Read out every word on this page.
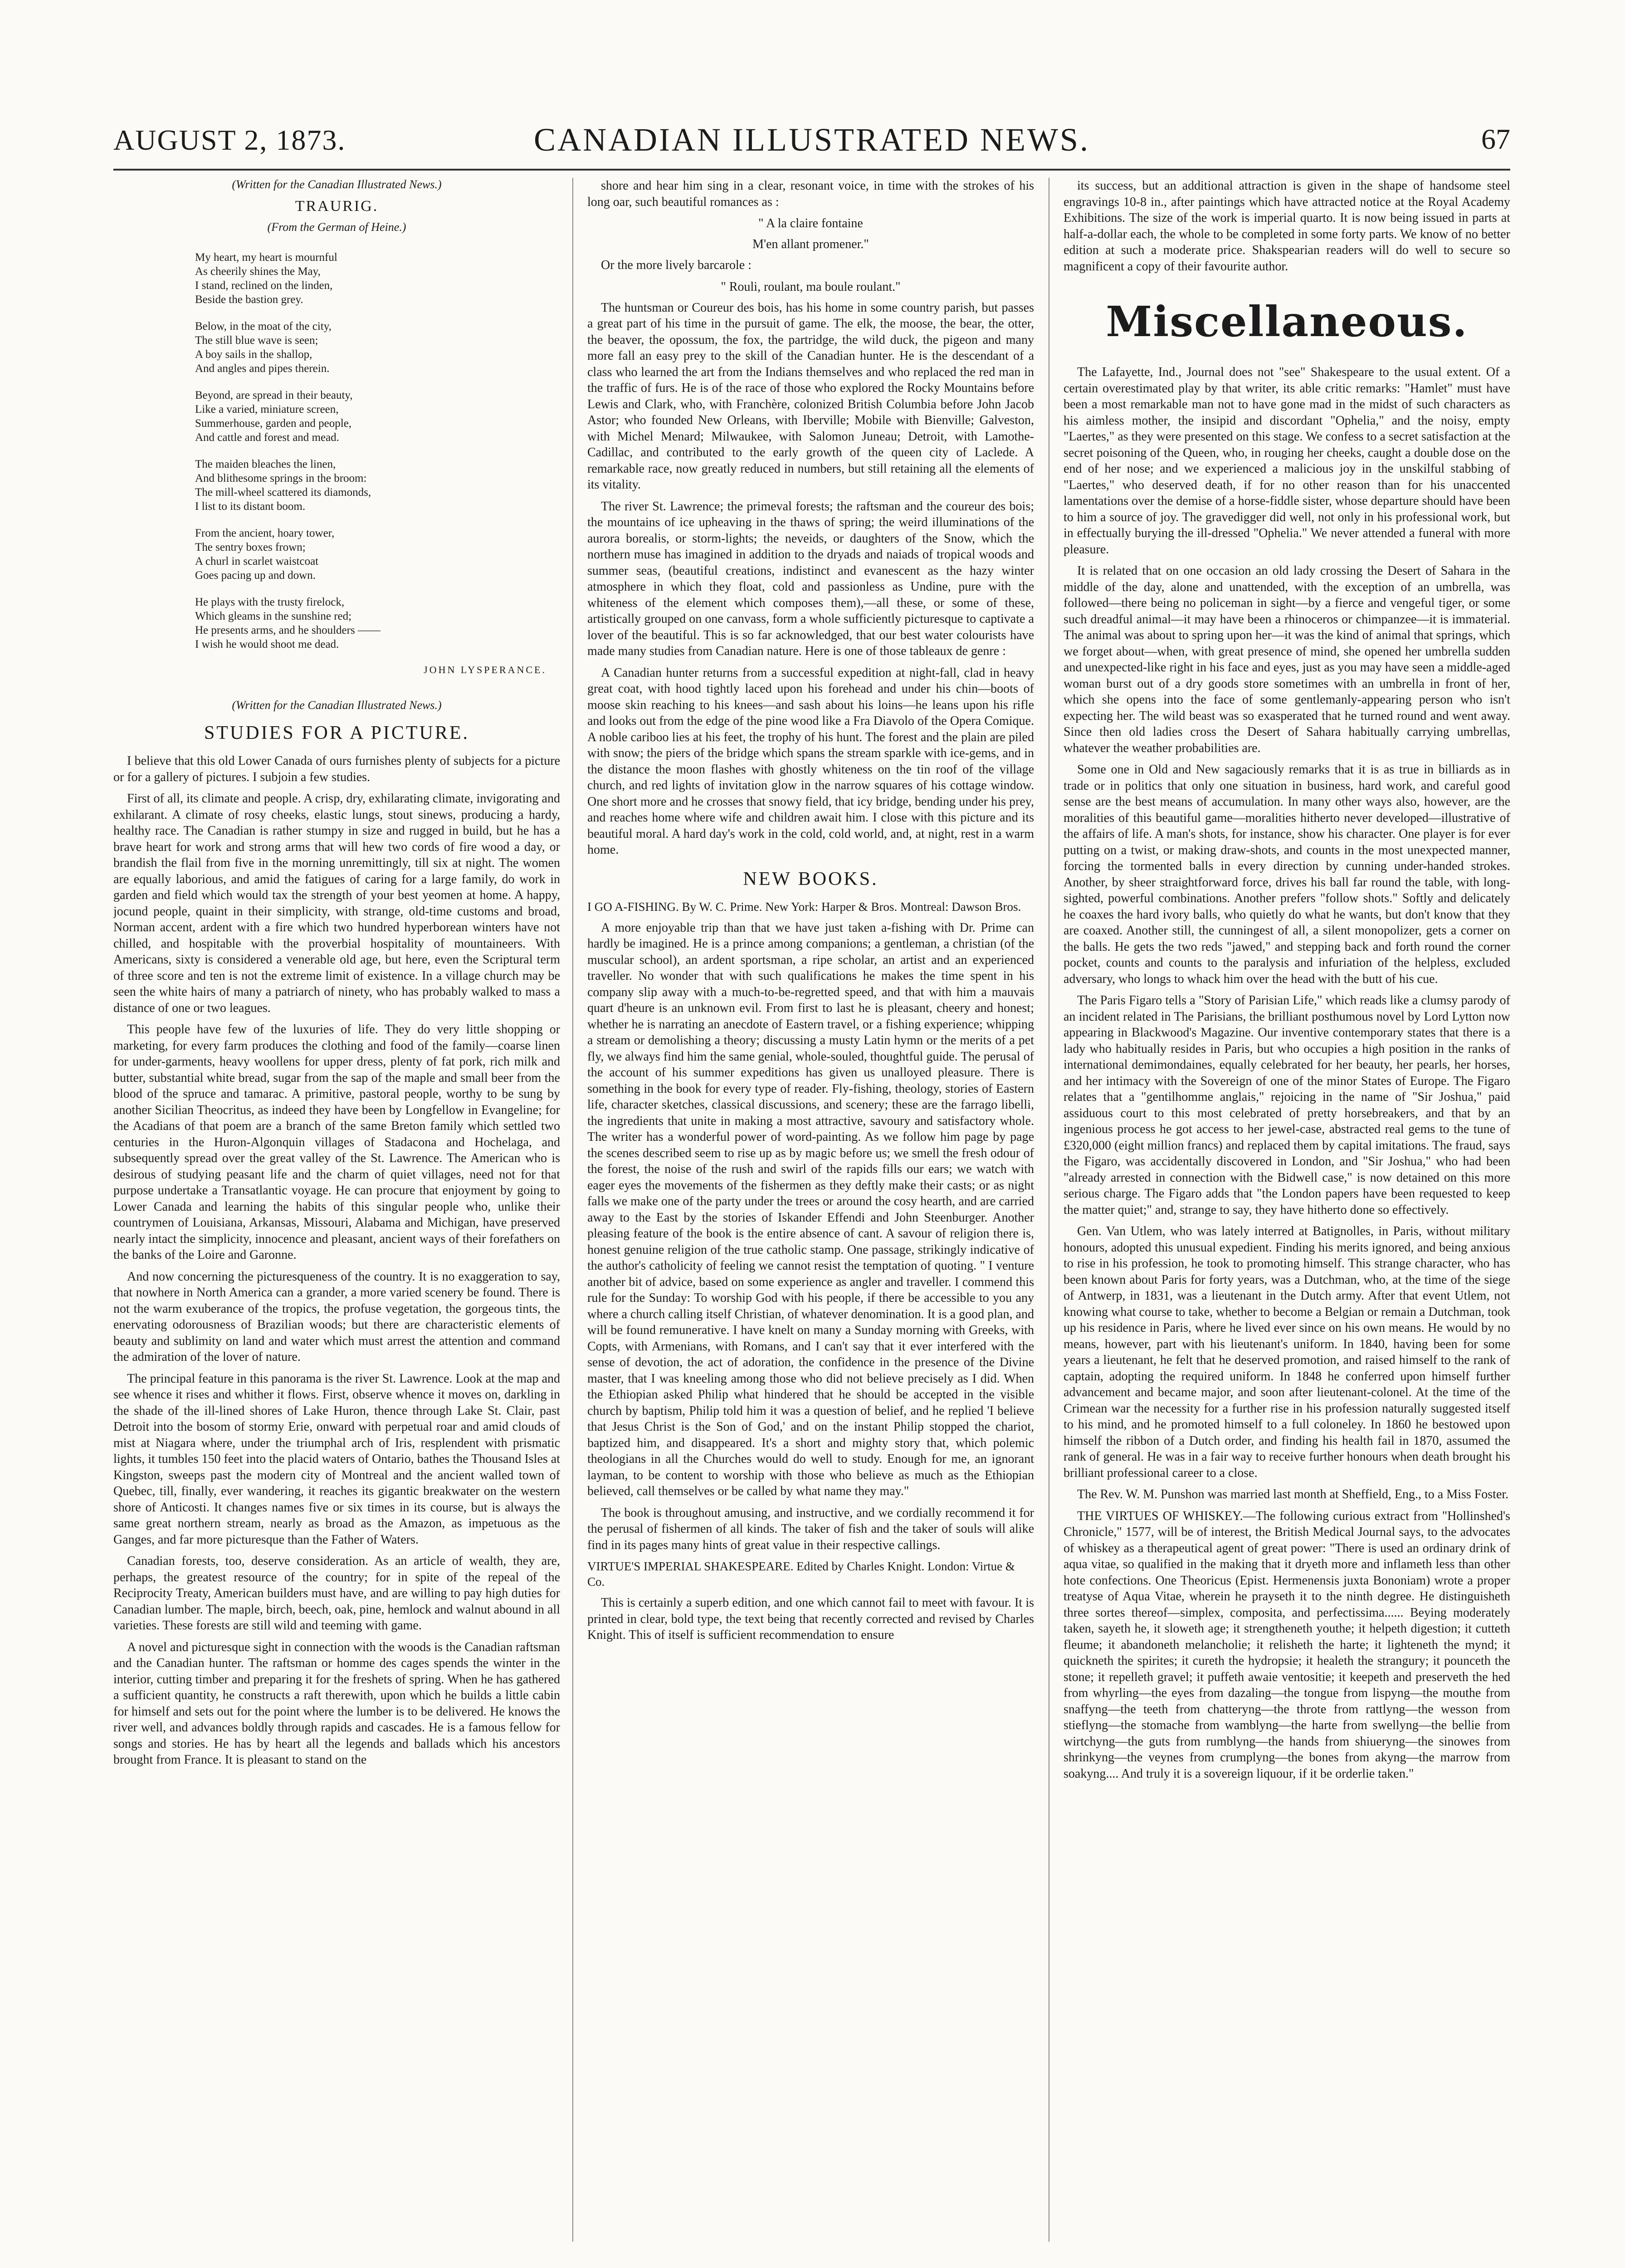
AUGUST 2, 1873.	CANADIAN ILLUSTRATED NEWS.	67
(Written for the Canadian Illustrated News.)
TRAURIG.
(From the German of Heine.)
My heart, my heart is mournful
As cheerily shines the May,
I stand, reclined on the linden,
Beside the bastion grey.
Below, in the moat of the city,
The still blue wave is seen;
A boy sails in the shallop,
And angles and pipes therein.
Beyond, are spread in their beauty,
Like a varied, miniature screen,
Summerhouse, garden and people,
And cattle and forest and mead.
The maiden bleaches the linen,
And blithesome springs in the broom:
The mill-wheel scattered its diamonds,
I list to its distant boom.
From the ancient, hoary tower,
The sentry boxes frown;
A churl in scarlet waistcoat
Goes pacing up and down.
He plays with the trusty firelock,
Which gleams in the sunshine red;
He presents arms, and he shoulders ——
I wish he would shoot me dead.
JOHN LYSPERANCE.
(Written for the Canadian Illustrated News.)
STUDIES FOR A PICTURE.

I believe that this old Lower Canada of ours furnishes plenty of subjects for a picture or for a gallery of pictures. I subjoin a few studies.

First of all, its climate and people. A crisp, dry, exhilarating climate, invigorating and exhilarant. A climate of rosy cheeks, elastic lungs, stout sinews, producing a hardy, healthy race. The Canadian is rather stumpy in size and rugged in build, but he has a brave heart for work and strong arms that will hew two cords of fire wood a day, or brandish the flail from five in the morning unremittingly, till six at night. The women are equally laborious, and amid the fatigues of caring for a large family, do work in garden and field which would tax the strength of your best yeomen at home. A happy, jocund people, quaint in their simplicity, with strange, old-time customs and broad, Norman accent, ardent with a fire which two hundred hyperborean winters have not chilled, and hospitable with the proverbial hospitality of mountaineers. With Americans, sixty is considered a venerable old age, but here, even the Scriptural term of three score and ten is not the extreme limit of existence. In a village church may be seen the white hairs of many a patriarch of ninety, who has probably walked to mass a distance of one or two leagues.

This people have few of the luxuries of life. They do very little shopping or marketing, for every farm produces the clothing and food of the family—coarse linen for under-garments, heavy woollens for upper dress, plenty of fat pork, rich milk and butter, substantial white bread, sugar from the sap of the maple and small beer from the blood of the spruce and tamarac. A primitive, pastoral people, worthy to be sung by another Sicilian Theocritus, as indeed they have been by Longfellow in Evangeline; for the Acadians of that poem are a branch of the same Breton family which settled two centuries in the Huron-Algonquin villages of Stadacona and Hochelaga, and subsequently spread over the great valley of the St. Lawrence. The American who is desirous of studying peasant life and the charm of quiet villages, need not for that purpose undertake a Transatlantic voyage. He can procure that enjoyment by going to Lower Canada and learning the habits of this singular people who, unlike their countrymen of Louisiana, Arkansas, Missouri, Alabama and Michigan, have preserved nearly intact the simplicity, innocence and pleasant, ancient ways of their forefathers on the banks of the Loire and Garonne.

And now concerning the picturesqueness of the country. It is no exaggeration to say, that nowhere in North America can a grander, a more varied scenery be found. There is not the warm exuberance of the tropics, the profuse vegetation, the gorgeous tints, the enervating odorousness of Brazilian woods; but there are characteristic elements of beauty and sublimity on land and water which must arrest the attention and command the admiration of the lover of nature.

The principal feature in this panorama is the river St. Lawrence. Look at the map and see whence it rises and whither it flows. First, observe whence it moves on, darkling in the shade of the ill-lined shores of Lake Huron, thence through Lake St. Clair, past Detroit into the bosom of stormy Erie, onward with perpetual roar and amid clouds of mist at Niagara where, under the triumphal arch of Iris, resplendent with prismatic lights, it tumbles 150 feet into the placid waters of Ontario, bathes the Thousand Isles at Kingston, sweeps past the modern city of Montreal and the ancient walled town of Quebec, till, finally, ever wandering, it reaches its gigantic breakwater on the western shore of Anticosti. It changes names five or six times in its course, but is always the same great northern stream, nearly as broad as the Amazon, as impetuous as the Ganges, and far more picturesque than the Father of Waters.

Canadian forests, too, deserve consideration. As an article of wealth, they are, perhaps, the greatest resource of the country; for in spite of the repeal of the Reciprocity Treaty, American builders must have, and are willing to pay high duties for Canadian lumber. The maple, birch, beech, oak, pine, hemlock and walnut abound in all varieties. These forests are still wild and teeming with game.

A novel and picturesque sight in connection with the woods is the Canadian raftsman and the Canadian hunter. The raftsman or homme des cages spends the winter in the interior, cutting timber and preparing it for the freshets of spring. When he has gathered a sufficient quantity, he constructs a raft therewith, upon which he builds a little cabin for himself and sets out for the point where the lumber is to be delivered. He knows the river well, and advances boldly through rapids and cascades. He is a famous fellow for songs and stories. He has by heart all the legends and ballads which his ancestors brought from France. It is pleasant to stand on the

shore and hear him sing in a clear, resonant voice, in time with the strokes of his long oar, such beautiful romances as :

" A la claire fontaine
M'en allant promener."

Or the more lively barcarole :

" Rouli, roulant, ma boule roulant."

The huntsman or Coureur des bois, has his home in some country parish, but passes a great part of his time in the pursuit of game. The elk, the moose, the bear, the otter, the beaver, the opossum, the fox, the partridge, the wild duck, the pigeon and many more fall an easy prey to the skill of the Canadian hunter. He is the descendant of a class who learned the art from the Indians themselves and who replaced the red man in the traffic of furs. He is of the race of those who explored the Rocky Mountains before Lewis and Clark, who, with Franchère, colonized British Columbia before John Jacob Astor; who founded New Orleans, with Iberville; Mobile with Bienville; Galveston, with Michel Menard; Milwaukee, with Salomon Juneau; Detroit, with Lamothe-Cadillac, and contributed to the early growth of the queen city of Laclede. A remarkable race, now greatly reduced in numbers, but still retaining all the elements of its vitality.

The river St. Lawrence; the primeval forests; the raftsman and the coureur des bois; the mountains of ice upheaving in the thaws of spring; the weird illuminations of the aurora borealis, or storm-lights; the neveids, or daughters of the Snow, which the northern muse has imagined in addition to the dryads and naiads of tropical woods and summer seas, (beautiful creations, indistinct and evanescent as the hazy winter atmosphere in which they float, cold and passionless as Undine, pure with the whiteness of the element which composes them),—all these, or some of these, artistically grouped on one canvass, form a whole sufficiently picturesque to captivate a lover of the beautiful. This is so far acknowledged, that our best water colourists have made many studies from Canadian nature. Here is one of those tableaux de genre :

A Canadian hunter returns from a successful expedition at night-fall, clad in heavy great coat, with hood tightly laced upon his forehead and under his chin—boots of moose skin reaching to his knees—and sash about his loins—he leans upon his rifle and looks out from the edge of the pine wood like a Fra Diavolo of the Opera Comique. A noble cariboo lies at his feet, the trophy of his hunt. The forest and the plain are piled with snow; the piers of the bridge which spans the stream sparkle with ice-gems, and in the distance the moon flashes with ghostly whiteness on the tin roof of the village church, and red lights of invitation glow in the narrow squares of his cottage window. One short more and he crosses that snowy field, that icy bridge, bending under his prey, and reaches home where wife and children await him. I close with this picture and its beautiful moral. A hard day's work in the cold, cold world, and, at night, rest in a warm home.

NEW BOOKS.

I GO A-FISHING. By W. C. Prime. New York: Harper & Bros. Montreal: Dawson Bros.

A more enjoyable trip than that we have just taken a-fishing with Dr. Prime can hardly be imagined. He is a prince among companions; a gentleman, a christian (of the muscular school), an ardent sportsman, a ripe scholar, an artist and an experienced traveller. No wonder that with such qualifications he makes the time spent in his company slip away with a much-to-be-regretted speed, and that with him a mauvais quart d'heure is an unknown evil. From first to last he is pleasant, cheery and honest; whether he is narrating an anecdote of Eastern travel, or a fishing experience; whipping a stream or demolishing a theory; discussing a musty Latin hymn or the merits of a pet fly, we always find him the same genial, whole-souled, thoughtful guide. The perusal of the account of his summer expeditions has given us unalloyed pleasure. There is something in the book for every type of reader. Fly-fishing, theology, stories of Eastern life, character sketches, classical discussions, and scenery; these are the farrago libelli, the ingredients that unite in making a most attractive, savoury and satisfactory whole. The writer has a wonderful power of word-painting. As we follow him page by page the scenes described seem to rise up as by magic before us; we smell the fresh odour of the forest, the noise of the rush and swirl of the rapids fills our ears; we watch with eager eyes the movements of the fishermen as they deftly make their casts; or as night falls we make one of the party under the trees or around the cosy hearth, and are carried away to the East by the stories of Iskander Effendi and John Steenburger. Another pleasing feature of the book is the entire absence of cant. A savour of religion there is, honest genuine religion of the true catholic stamp. One passage, strikingly indicative of the author's catholicity of feeling we cannot resist the temptation of quoting. " I venture another bit of advice, based on some experience as angler and traveller. I commend this rule for the Sunday: To worship God with his people, if there be accessible to you any where a church calling itself Christian, of whatever denomination. It is a good plan, and will be found remunerative. I have knelt on many a Sunday morning with Greeks, with Copts, with Armenians, with Romans, and I can't say that it ever interfered with the sense of devotion, the act of adoration, the confidence in the presence of the Divine master, that I was kneeling among those who did not believe precisely as I did. When the Ethiopian asked Philip what hindered that he should be accepted in the visible church by baptism, Philip told him it was a question of belief, and he replied 'I believe that Jesus Christ is the Son of God,' and on the instant Philip stopped the chariot, baptized him, and disappeared. It's a short and mighty story that, which polemic theologians in all the Churches would do well to study. Enough for me, an ignorant layman, to be content to worship with those who believe as much as the Ethiopian believed, call themselves or be called by what name they may."

The book is throughout amusing, and instructive, and we cordially recommend it for the perusal of fishermen of all kinds. The taker of fish and the taker of souls will alike find in its pages many hints of great value in their respective callings.

VIRTUE'S IMPERIAL SHAKESPEARE. Edited by Charles Knight. London: Virtue & Co.

This is certainly a superb edition, and one which cannot fail to meet with favour. It is printed in clear, bold type, the text being that recently corrected and revised by Charles Knight. This of itself is sufficient recommendation to ensure

its success, but an additional attraction is given in the shape of handsome steel engravings 10-8 in., after paintings which have attracted notice at the Royal Academy Exhibitions. The size of the work is imperial quarto. It is now being issued in parts at half-a-dollar each, the whole to be completed in some forty parts. We know of no better edition at such a moderate price. Shakspearian readers will do well to secure so magnificent a copy of their favourite author.

Miscellaneous.

The Lafayette, Ind., Journal does not "see" Shakespeare to the usual extent. Of a certain overestimated play by that writer, its able critic remarks: "Hamlet" must have been a most remarkable man not to have gone mad in the midst of such characters as his aimless mother, the insipid and discordant "Ophelia," and the noisy, empty "Laertes," as they were presented on this stage. We confess to a secret satisfaction at the secret poisoning of the Queen, who, in rouging her cheeks, caught a double dose on the end of her nose; and we experienced a malicious joy in the unskilful stabbing of "Laertes," who deserved death, if for no other reason than for his unaccented lamentations over the demise of a horse-fiddle sister, whose departure should have been to him a source of joy. The gravedigger did well, not only in his professional work, but in effectually burying the ill-dressed "Ophelia." We never attended a funeral with more pleasure.

It is related that on one occasion an old lady crossing the Desert of Sahara in the middle of the day, alone and unattended, with the exception of an umbrella, was followed—there being no policeman in sight—by a fierce and vengeful tiger, or some such dreadful animal—it may have been a rhinoceros or chimpanzee—it is immaterial. The animal was about to spring upon her—it was the kind of animal that springs, which we forget about—when, with great presence of mind, she opened her umbrella sudden and unexpected-like right in his face and eyes, just as you may have seen a middle-aged woman burst out of a dry goods store sometimes with an umbrella in front of her, which she opens into the face of some gentlemanly-appearing person who isn't expecting her. The wild beast was so exasperated that he turned round and went away. Since then old ladies cross the Desert of Sahara habitually carrying umbrellas, whatever the weather probabilities are.

Some one in Old and New sagaciously remarks that it is as true in billiards as in trade or in politics that only one situation in business, hard work, and careful good sense are the best means of accumulation. In many other ways also, however, are the moralities of this beautiful game—moralities hitherto never developed—illustrative of the affairs of life. A man's shots, for instance, show his character. One player is for ever putting on a twist, or making draw-shots, and counts in the most unexpected manner, forcing the tormented balls in every direction by cunning under-handed strokes. Another, by sheer straightforward force, drives his ball far round the table, with long-sighted, powerful combinations. Another prefers "follow shots." Softly and delicately he coaxes the hard ivory balls, who quietly do what he wants, but don't know that they are coaxed. Another still, the cunningest of all, a silent monopolizer, gets a corner on the balls. He gets the two reds "jawed," and stepping back and forth round the corner pocket, counts and counts to the paralysis and infuriation of the helpless, excluded adversary, who longs to whack him over the head with the butt of his cue.

The Paris Figaro tells a "Story of Parisian Life," which reads like a clumsy parody of an incident related in The Parisians, the brilliant posthumous novel by Lord Lytton now appearing in Blackwood's Magazine. Our inventive contemporary states that there is a lady who habitually resides in Paris, but who occupies a high position in the ranks of international demimondaines, equally celebrated for her beauty, her pearls, her horses, and her intimacy with the Sovereign of one of the minor States of Europe. The Figaro relates that a "gentilhomme anglais," rejoicing in the name of "Sir Joshua," paid assiduous court to this most celebrated of pretty horsebreakers, and that by an ingenious process he got access to her jewel-case, abstracted real gems to the tune of £320,000 (eight million francs) and replaced them by capital imitations. The fraud, says the Figaro, was accidentally discovered in London, and "Sir Joshua," who had been "already arrested in connection with the Bidwell case," is now detained on this more serious charge. The Figaro adds that "the London papers have been requested to keep the matter quiet;" and, strange to say, they have hitherto done so effectively.

Gen. Van Utlem, who was lately interred at Batignolles, in Paris, without military honours, adopted this unusual expedient. Finding his merits ignored, and being anxious to rise in his profession, he took to promoting himself. This strange character, who has been known about Paris for forty years, was a Dutchman, who, at the time of the siege of Antwerp, in 1831, was a lieutenant in the Dutch army. After that event Utlem, not knowing what course to take, whether to become a Belgian or remain a Dutchman, took up his residence in Paris, where he lived ever since on his own means. He would by no means, however, part with his lieutenant's uniform. In 1840, having been for some years a lieutenant, he felt that he deserved promotion, and raised himself to the rank of captain, adopting the required uniform. In 1848 he conferred upon himself further advancement and became major, and soon after lieutenant-colonel. At the time of the Crimean war the necessity for a further rise in his profession naturally suggested itself to his mind, and he promoted himself to a full coloneley. In 1860 he bestowed upon himself the ribbon of a Dutch order, and finding his health fail in 1870, assumed the rank of general. He was in a fair way to receive further honours when death brought his brilliant professional career to a close.

The Rev. W. M. Punshon was married last month at Sheffield, Eng., to a Miss Foster.

THE VIRTUES OF WHISKEY.—The following curious extract from "Hollinshed's Chronicle," 1577, will be of interest, the British Medical Journal says, to the advocates of whiskey as a therapeutical agent of great power: "There is used an ordinary drink of aqua vitae, so qualified in the making that it dryeth more and inflameth less than other hote confections. One Theoricus (Epist. Hermenensis juxta Bononiam) wrote a proper treatyse of Aqua Vitae, wherein he prayseth it to the ninth degree. He distinguisheth three sortes thereof—simplex, composita, and perfectissima...... Beying moderately taken, sayeth he, it sloweth age; it strengtheneth youthe; it helpeth digestion; it cutteth fleume; it abandoneth melancholie; it relisheth the harte; it lighteneth the mynd; it quickneth the spirites; it cureth the hydropsie; it healeth the strangury; it pounceth the stone; it repelleth gravel; it puffeth awaie ventositie; it keepeth and preserveth the hed from whyrling—the eyes from dazaling—the tongue from lispyng—the mouthe from snaffyng—the teeth from chatteryng—the throte from rattlyng—the wesson from stieflyng—the stomache from wamblyng—the harte from swellyng—the bellie from wirtchyng—the guts from rumblyng—the hands from shiueryng—the sinowes from shrinkyng—the veynes from crumplyng—the bones from akyng—the marrow from soakyng.... And truly it is a sovereign liquour, if it be orderlie taken."
